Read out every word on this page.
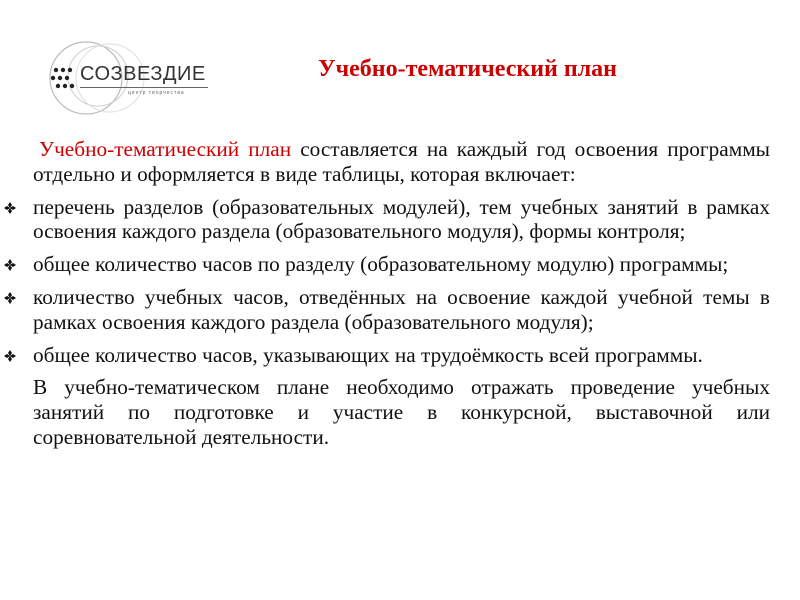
СОЗВЕЗДИЕ
центр творчества
Учебно-тематический план

Учебно-тематический план составляется на каждый год освоения программы отдельно и оформляется в виде таблицы, которая включает:

перечень разделов (образовательных модулей), тем учебных занятий в рамках освоения каждого раздела (образовательного модуля), формы контроля;
общее количество часов по разделу (образовательному модулю) программы;
количество учебных часов, отведённых на освоение каждой учебной темы в рамках освоения каждого раздела (образовательного модуля);
общее количество часов, указывающих на трудоёмкость всей программы.

В учебно-тематическом плане необходимо отражать проведение учебных занятий по подготовке и участие в конкурсной, выставочной или соревновательной деятельности.
